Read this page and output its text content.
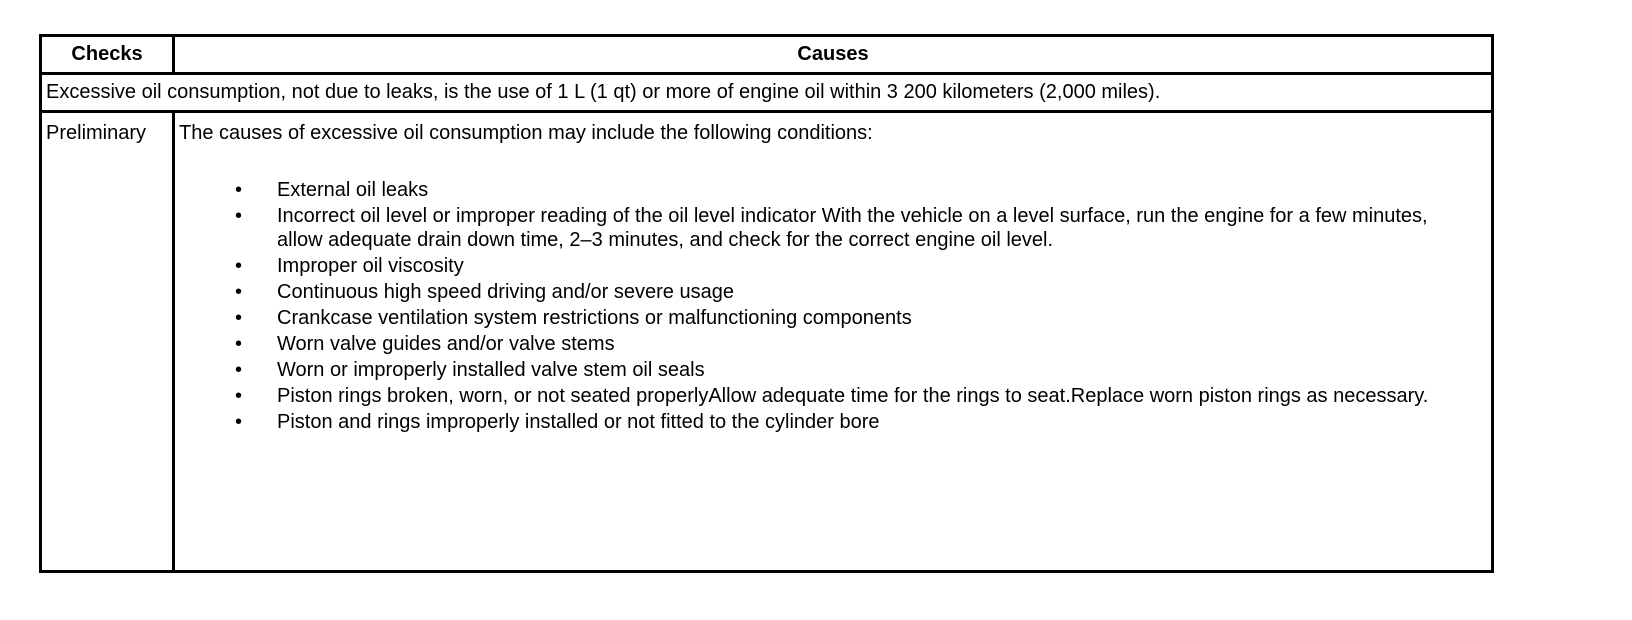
Checks	Causes
Excessive oil consumption, not due to leaks, is the use of 1 L (1 qt) or more of engine oil within 3 200 kilometers (2,000 miles).
Preliminary	The causes of excessive oil consumption may include the following conditions:

• External oil leaks
• Incorrect oil level or improper reading of the oil level indicator With the vehicle on a level surface, run the engine for a few minutes, allow adequate drain down time, 2–3 minutes, and check for the correct engine oil level.
• Improper oil viscosity
• Continuous high speed driving and/or severe usage
• Crankcase ventilation system restrictions or malfunctioning components
• Worn valve guides and/or valve stems
• Worn or improperly installed valve stem oil seals
• Piston rings broken, worn, or not seated properlyAllow adequate time for the rings to seat.Replace worn piston rings as necessary.
• Piston and rings improperly installed or not fitted to the cylinder bore
